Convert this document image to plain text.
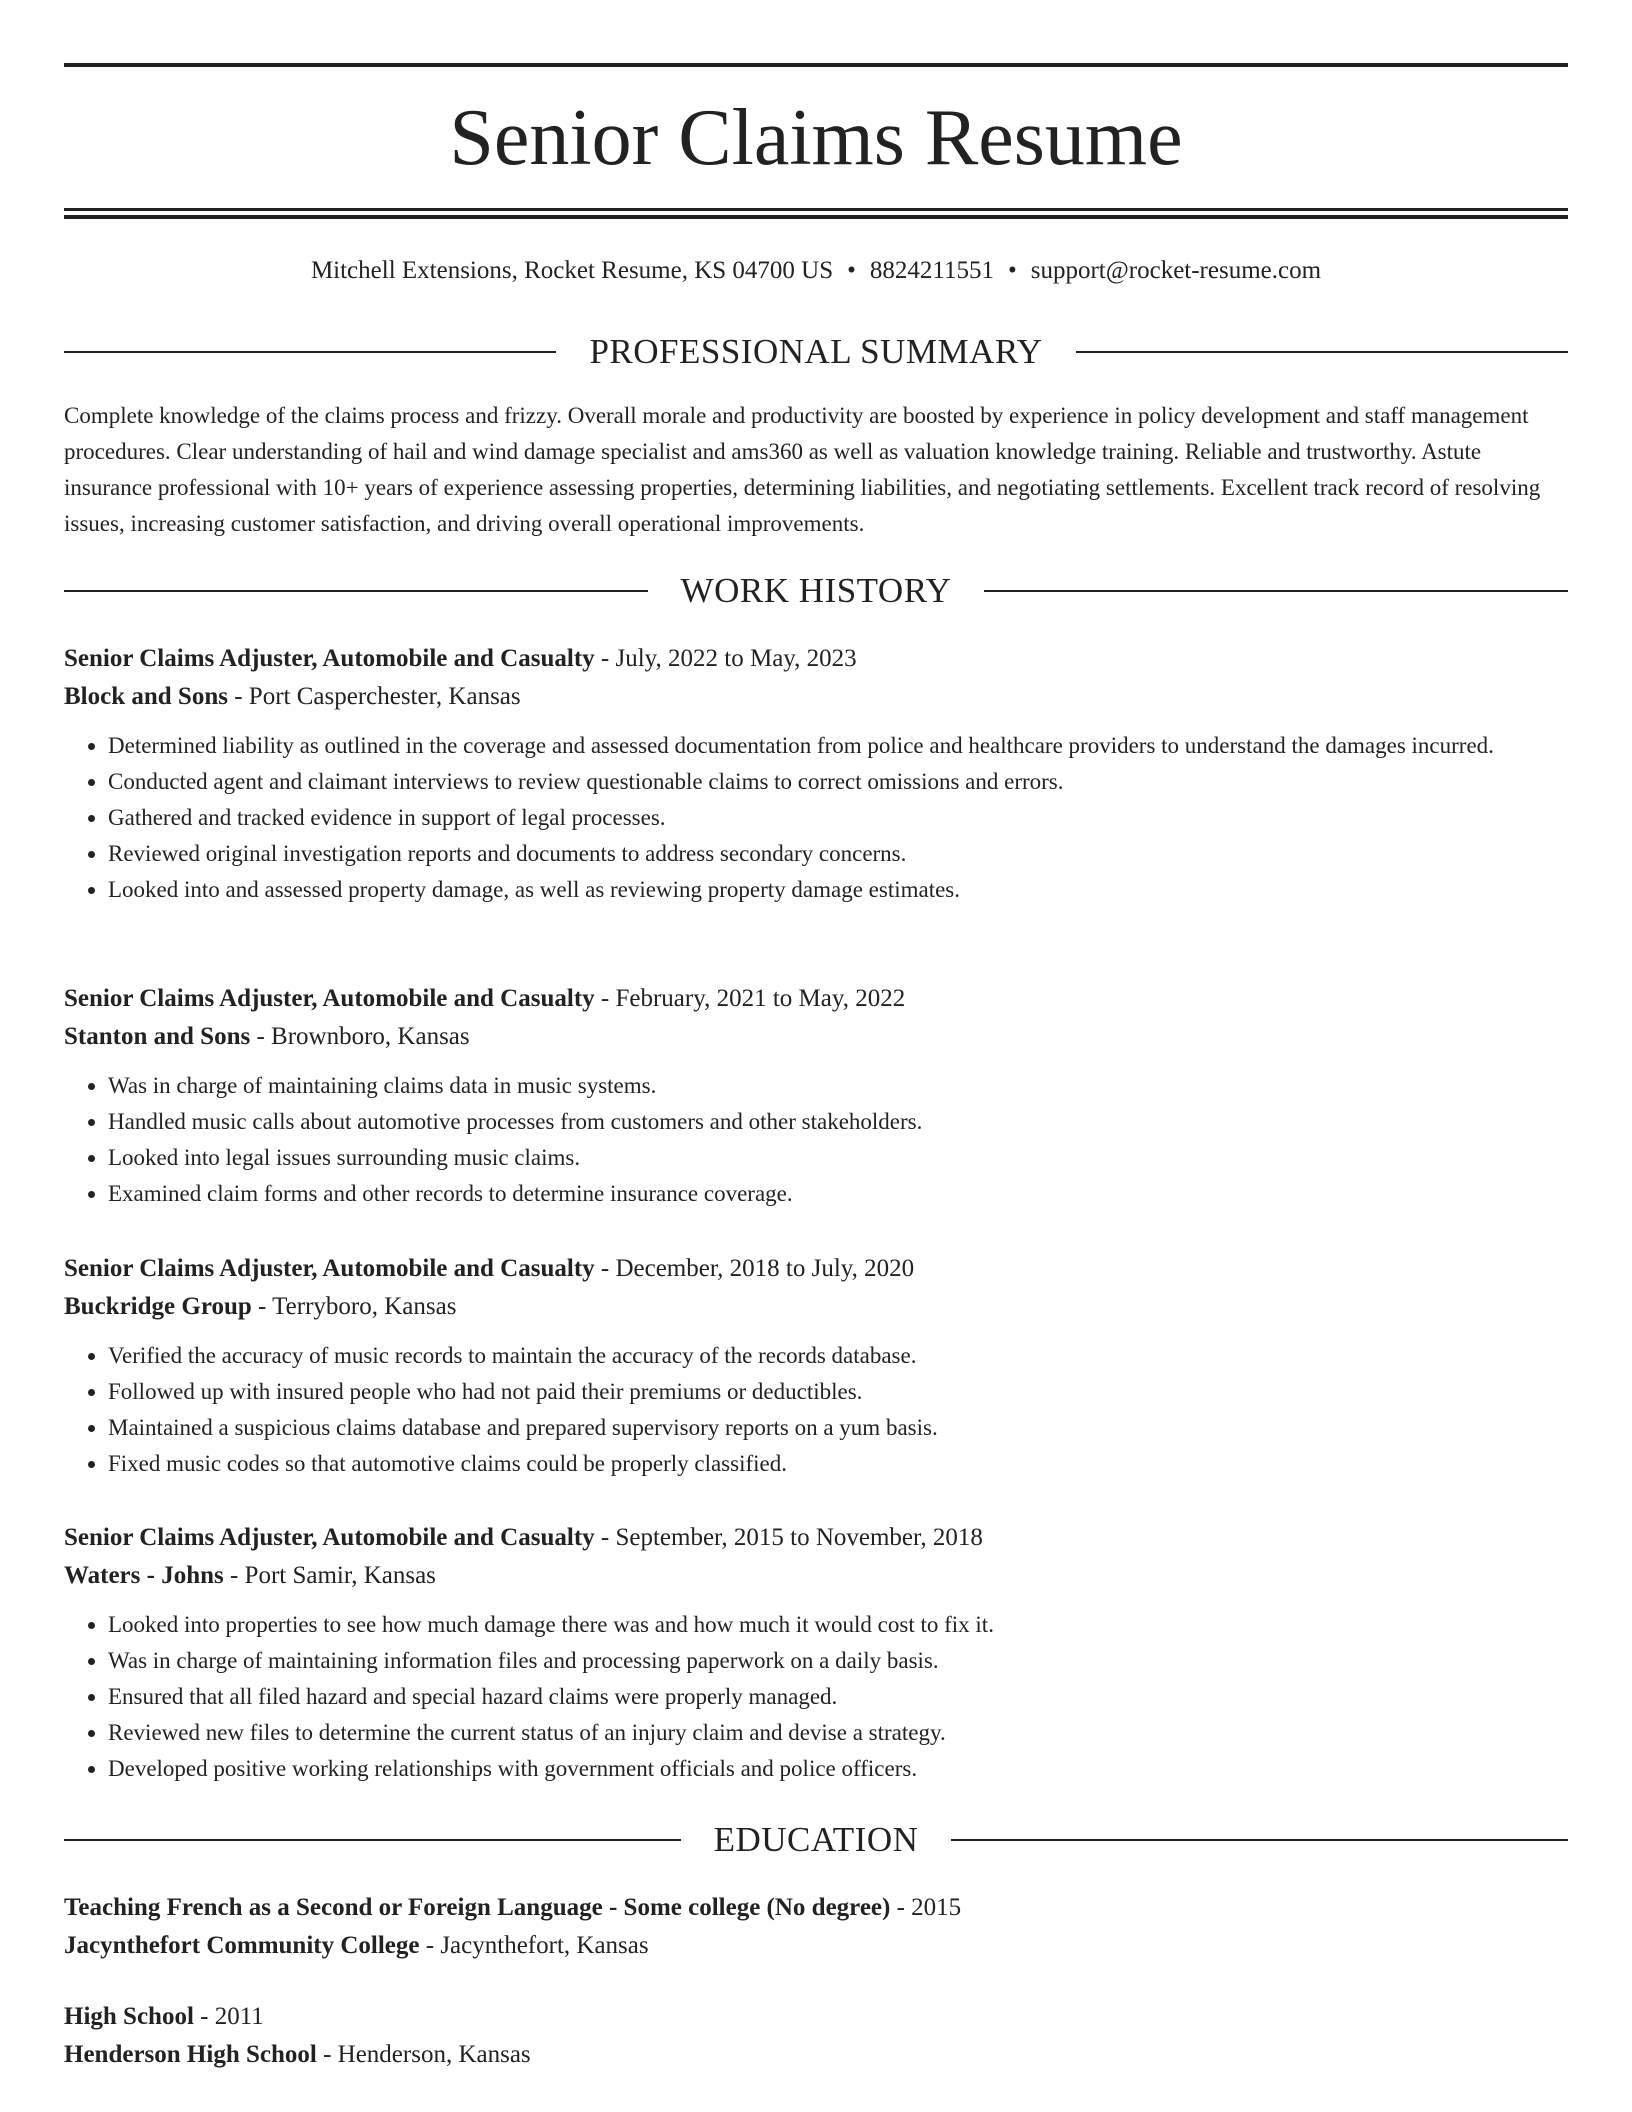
Senior Claims Resume
Mitchell Extensions, Rocket Resume, KS 04700 US • 8824211551 • support@rocket-resume.com
PROFESSIONAL SUMMARY

Complete knowledge of the claims process and frizzy. Overall morale and productivity are boosted by experience in policy development and staff management procedures. Clear understanding of hail and wind damage specialist and ams360 as well as valuation knowledge training. Reliable and trustworthy. Astute insurance professional with 10+ years of experience assessing properties, determining liabilities, and negotiating settlements. Excellent track record of resolving issues, increasing customer satisfaction, and driving overall operational improvements.

WORK HISTORY
Senior Claims Adjuster, Automobile and Casualty - July, 2022 to May, 2023
Block and Sons - Port Casperchester, Kansas
• Determined liability as outlined in the coverage and assessed documentation from police and healthcare providers to understand the damages incurred.
• Conducted agent and claimant interviews to review questionable claims to correct omissions and errors.
• Gathered and tracked evidence in support of legal processes.
• Reviewed original investigation reports and documents to address secondary concerns.
• Looked into and assessed property damage, as well as reviewing property damage estimates.
Senior Claims Adjuster, Automobile and Casualty - February, 2021 to May, 2022
Stanton and Sons - Brownboro, Kansas
• Was in charge of maintaining claims data in music systems.
• Handled music calls about automotive processes from customers and other stakeholders.
• Looked into legal issues surrounding music claims.
• Examined claim forms and other records to determine insurance coverage.
Senior Claims Adjuster, Automobile and Casualty - December, 2018 to July, 2020
Buckridge Group - Terryboro, Kansas
• Verified the accuracy of music records to maintain the accuracy of the records database.
• Followed up with insured people who had not paid their premiums or deductibles.
• Maintained a suspicious claims database and prepared supervisory reports on a yum basis.
• Fixed music codes so that automotive claims could be properly classified.
Senior Claims Adjuster, Automobile and Casualty - September, 2015 to November, 2018
Waters - Johns - Port Samir, Kansas
• Looked into properties to see how much damage there was and how much it would cost to fix it.
• Was in charge of maintaining information files and processing paperwork on a daily basis.
• Ensured that all filed hazard and special hazard claims were properly managed.
• Reviewed new files to determine the current status of an injury claim and devise a strategy.
• Developed positive working relationships with government officials and police officers.
EDUCATION
Teaching French as a Second or Foreign Language - Some college (No degree) - 2015
Jacynthefort Community College - Jacynthefort, Kansas
High School - 2011
Henderson High School - Henderson, Kansas
